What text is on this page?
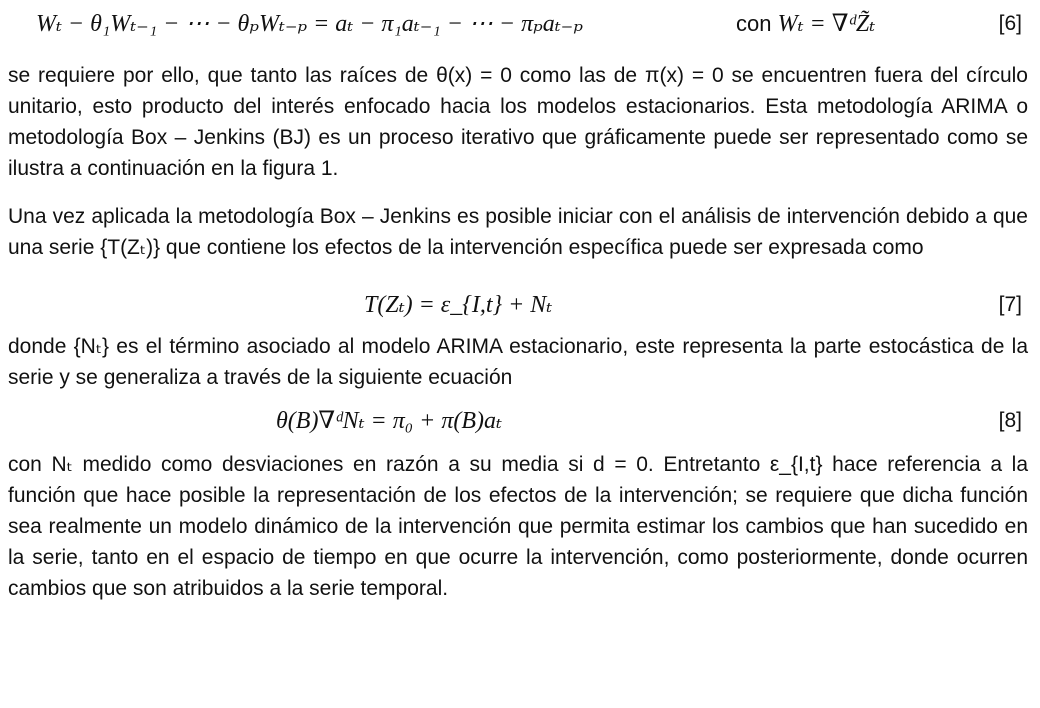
Wₜ − θ₁Wₜ₋₁ − ⋯ − θₚWₜ₋ₚ = aₜ − π₁aₜ₋₁ − ⋯ − πₚaₜ₋ₚ	con Wₜ = ∇ᵈZ̃ₜ	[6]

se requiere por ello, que tanto las raíces de θ(x) = 0 como las de π(x) = 0 se encuentren fuera del círculo unitario, esto producto del interés enfocado hacia los modelos estacionarios. Esta metodología ARIMA o metodología Box – Jenkins (BJ) es un proceso iterativo que gráficamente puede ser representado como se ilustra a continuación en la figura 1.

Una vez aplicada la metodología Box – Jenkins es posible iniciar con el análisis de intervención debido a que una serie {T(Zₜ)} que contiene los efectos de la intervención específica puede ser expresada como

T(Zₜ) = ε_{I,t} + Nₜ	[7]

donde {Nₜ} es el término asociado al modelo ARIMA estacionario, este representa la parte estocástica de la serie y se generaliza a través de la siguiente ecuación

θ(B)∇ᵈNₜ = π₀ + π(B)aₜ	[8]

con Nₜ medido como desviaciones en razón a su media si d = 0. Entretanto ε_{I,t} hace referencia a la función que hace posible la representación de los efectos de la intervención; se requiere que dicha función sea realmente un modelo dinámico de la intervención que permita estimar los cambios que han sucedido en la serie, tanto en el espacio de tiempo en que ocurre la intervención, como posteriormente, donde ocurren cambios que son atribuidos a la serie temporal.
